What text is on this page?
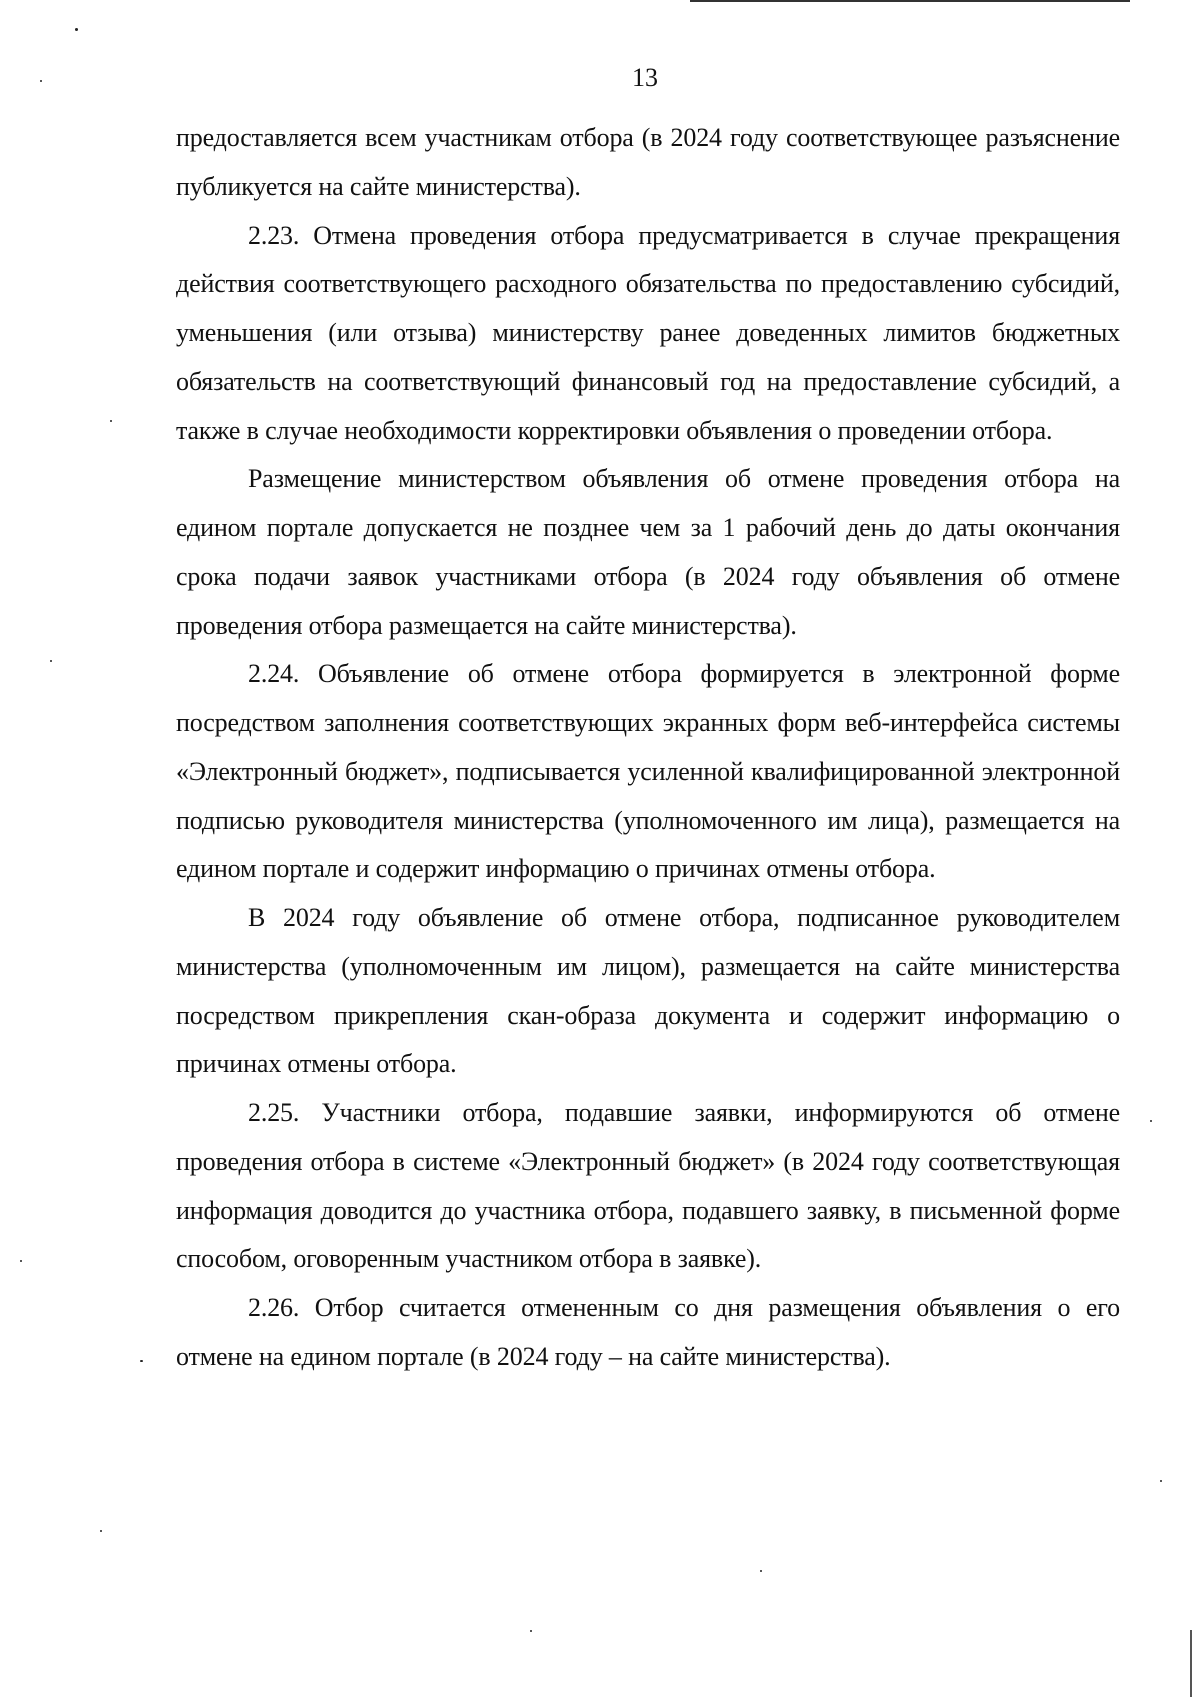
13

предоставляется всем участникам отбора (в 2024 году соответствующее разъяснение публикуется на сайте министерства).

2.23. Отмена проведения отбора предусматривается в случае прекращения действия соответствующего расходного обязательства по предоставлению субсидий, уменьшения (или отзыва) министерству ранее доведенных лимитов бюджетных обязательств на соответствующий финансовый год на предоставление субсидий, а также в случае необходимости корректировки объявления о проведении отбора.

Размещение министерством объявления об отмене проведения отбора на едином портале допускается не позднее чем за 1 рабочий день до даты окончания срока подачи заявок участниками отбора (в 2024 году объявления об отмене проведения отбора размещается на сайте министерства).

2.24. Объявление об отмене отбора формируется в электронной форме посредством заполнения соответствующих экранных форм веб-интерфейса системы «Электронный бюджет», подписывается усиленной квалифицированной электронной подписью руководителя министерства (уполномоченного им лица), размещается на едином портале и содержит информацию о причинах отмены отбора.

В 2024 году объявление об отмене отбора, подписанное руководителем министерства (уполномоченным им лицом), размещается на сайте министерства посредством прикрепления скан-образа документа и содержит информацию о причинах отмены отбора.

2.25. Участники отбора, подавшие заявки, информируются об отмене проведения отбора в системе «Электронный бюджет» (в 2024 году соответствующая информация доводится до участника отбора, подавшего заявку, в письменной форме способом, оговоренным участником отбора в заявке).

2.26. Отбор считается отмененным со дня размещения объявления о его отмене на едином портале (в 2024 году – на сайте министерства).
